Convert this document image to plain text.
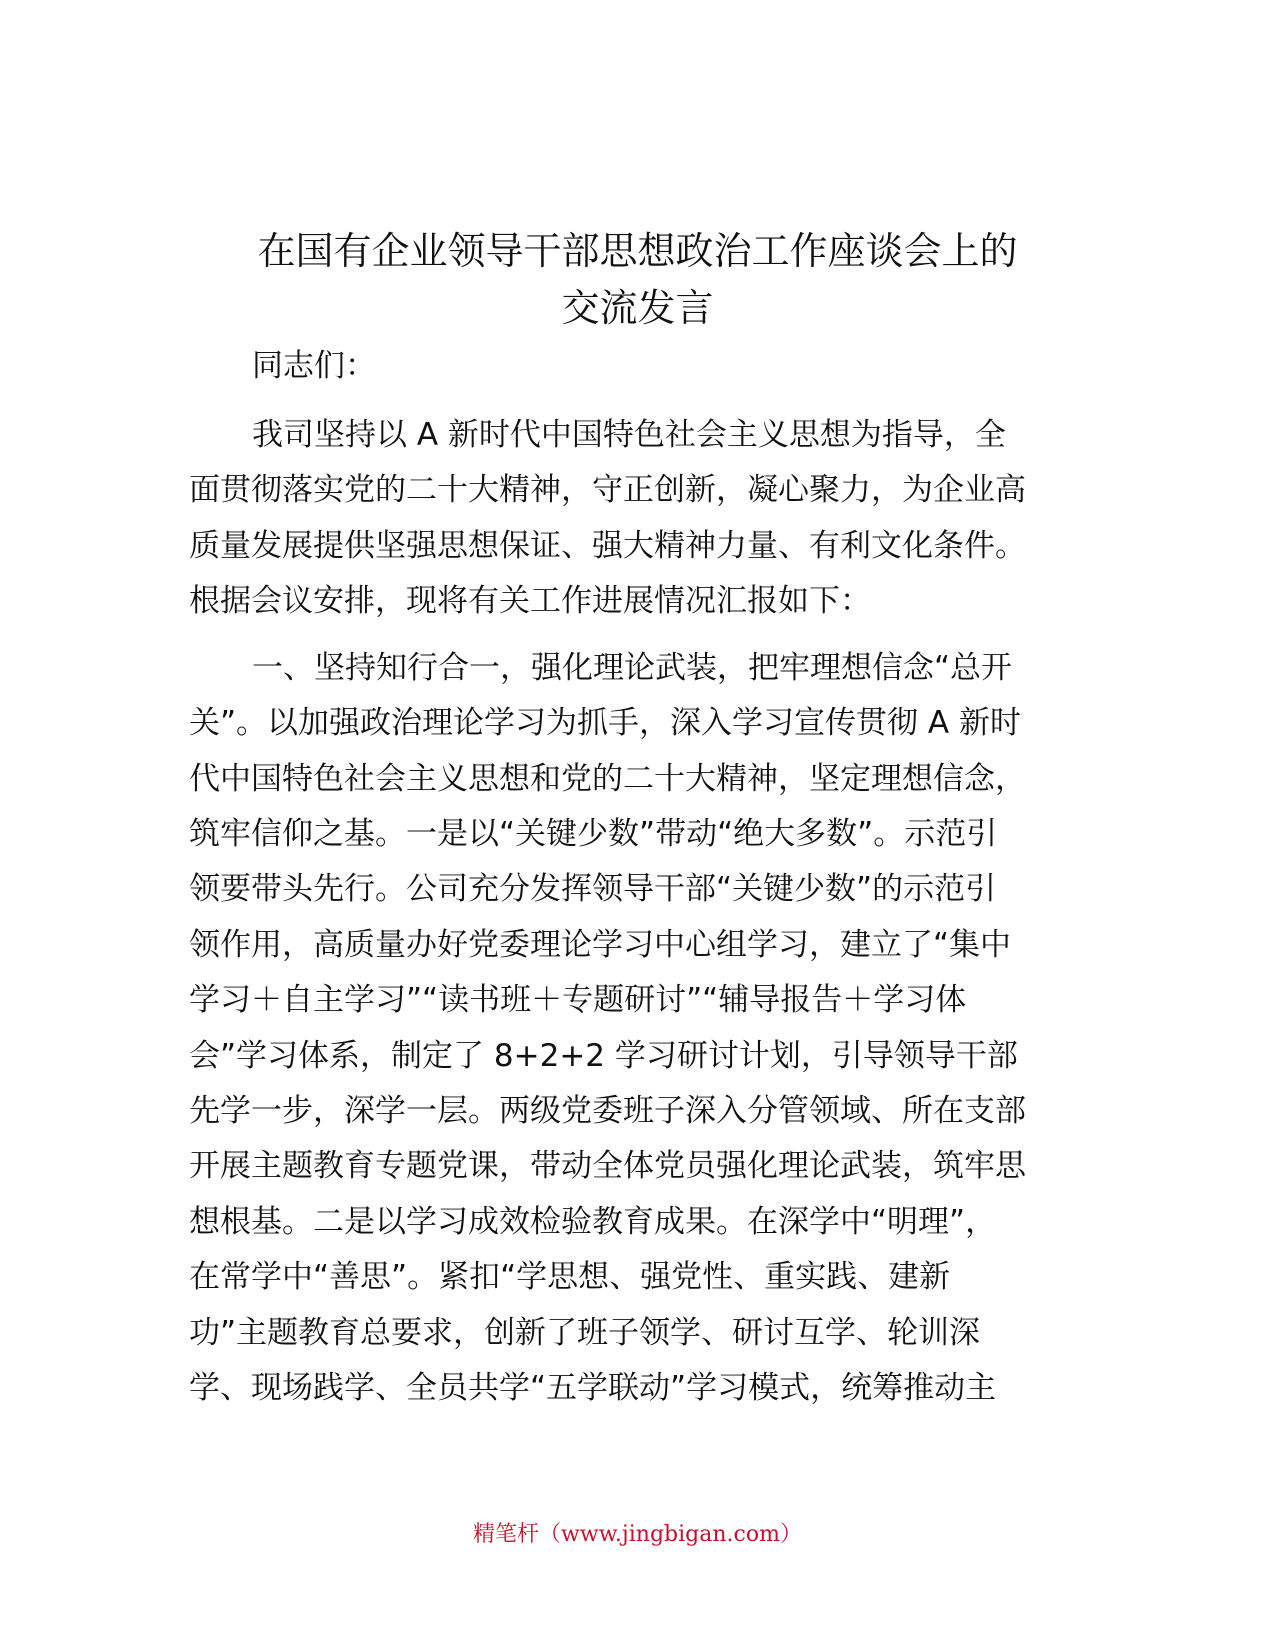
在国有企业领导干部思想政治工作座谈会上的
交流发言
同志们：
我司坚持以 A 新时代中国特色社会主义思想为指导，全
面贯彻落实党的二十大精神，守正创新，凝心聚力，为企业高
质量发展提供坚强思想保证、强大精神力量、有利文化条件。
根据会议安排，现将有关工作进展情况汇报如下：
一、坚持知行合一，强化理论武装，把牢理想信念“总开
关”。以加强政治理论学习为抓手，深入学习宣传贯彻 A 新时
代中国特色社会主义思想和党的二十大精神，坚定理想信念，
筑牢信仰之基。一是以“关键少数”带动“绝大多数”。示范引
领要带头先行。公司充分发挥领导干部“关键少数”的示范引
领作用，高质量办好党委理论学习中心组学习，建立了“集中
学习＋自主学习”“读书班＋专题研讨”“辅导报告＋学习体
会”学习体系，制定了 8+2+2 学习研讨计划，引导领导干部
先学一步，深学一层。两级党委班子深入分管领域、所在支部
开展主题教育专题党课，带动全体党员强化理论武装，筑牢思
想根基。二是以学习成效检验教育成果。在深学中“明理”，
在常学中“善思”。紧扣“学思想、强党性、重实践、建新
功”主题教育总要求，创新了班子领学、研讨互学、轮训深
学、现场践学、全员共学“五学联动”学习模式，统筹推动主
精笔杆（www.jingbigan.com）
